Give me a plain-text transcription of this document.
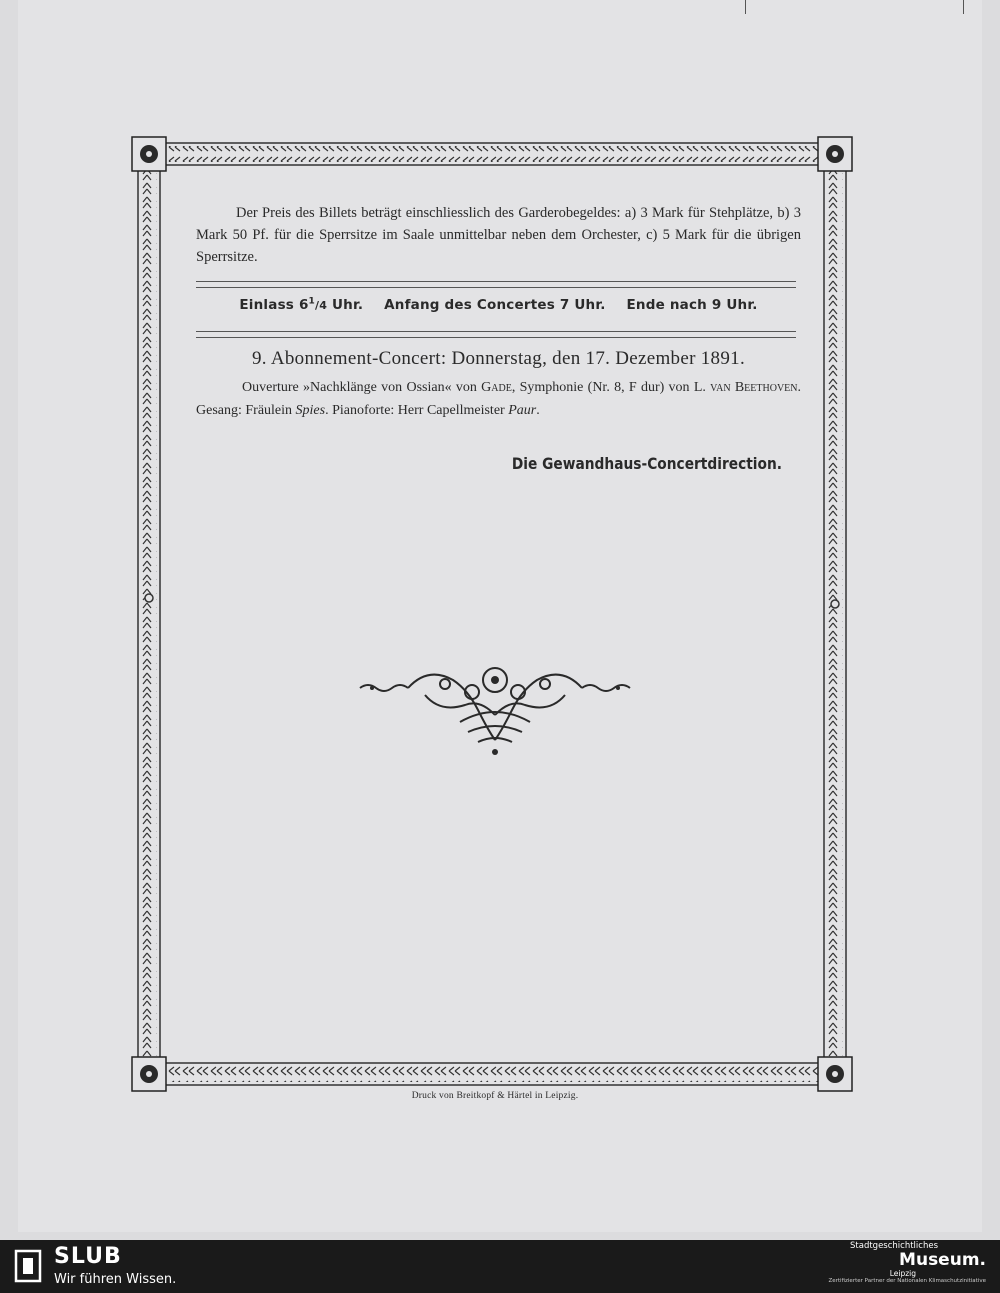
Der Preis des Billets beträgt einschliesslich des Garderobegeldes: a) 3 Mark für Stehplätze, b) 3 Mark 50 Pf. für die Sperrsitze im Saale unmittelbar neben dem Orchester, c) 5 Mark für die übrigen Sperrsitze.
Einlass $6^1/4$ Uhr. Anfang des Concertes 7 Uhr. Ende nach 9 Uhr.
9. Abonnement-Concert: Donnerstag, den 17. Dezember 1891.
Ouverture »Nachklänge von Ossian« von Gade, Symphonie (Nr. 8, F dur) von L. van Beethoven. Gesang: Fräulein Spies. Pianoforte: Herr Capellmeister Paur.
Die Gewandhaus-Concertdirection.
Druck von Breitkopf & Härtel in Leipzig.
SLUB
Wir führen Wissen.
Stadtgeschichtliches
Museum.
Leipzig
Zertifizierter Partner der Nationalen Klimaschutzinitiative
